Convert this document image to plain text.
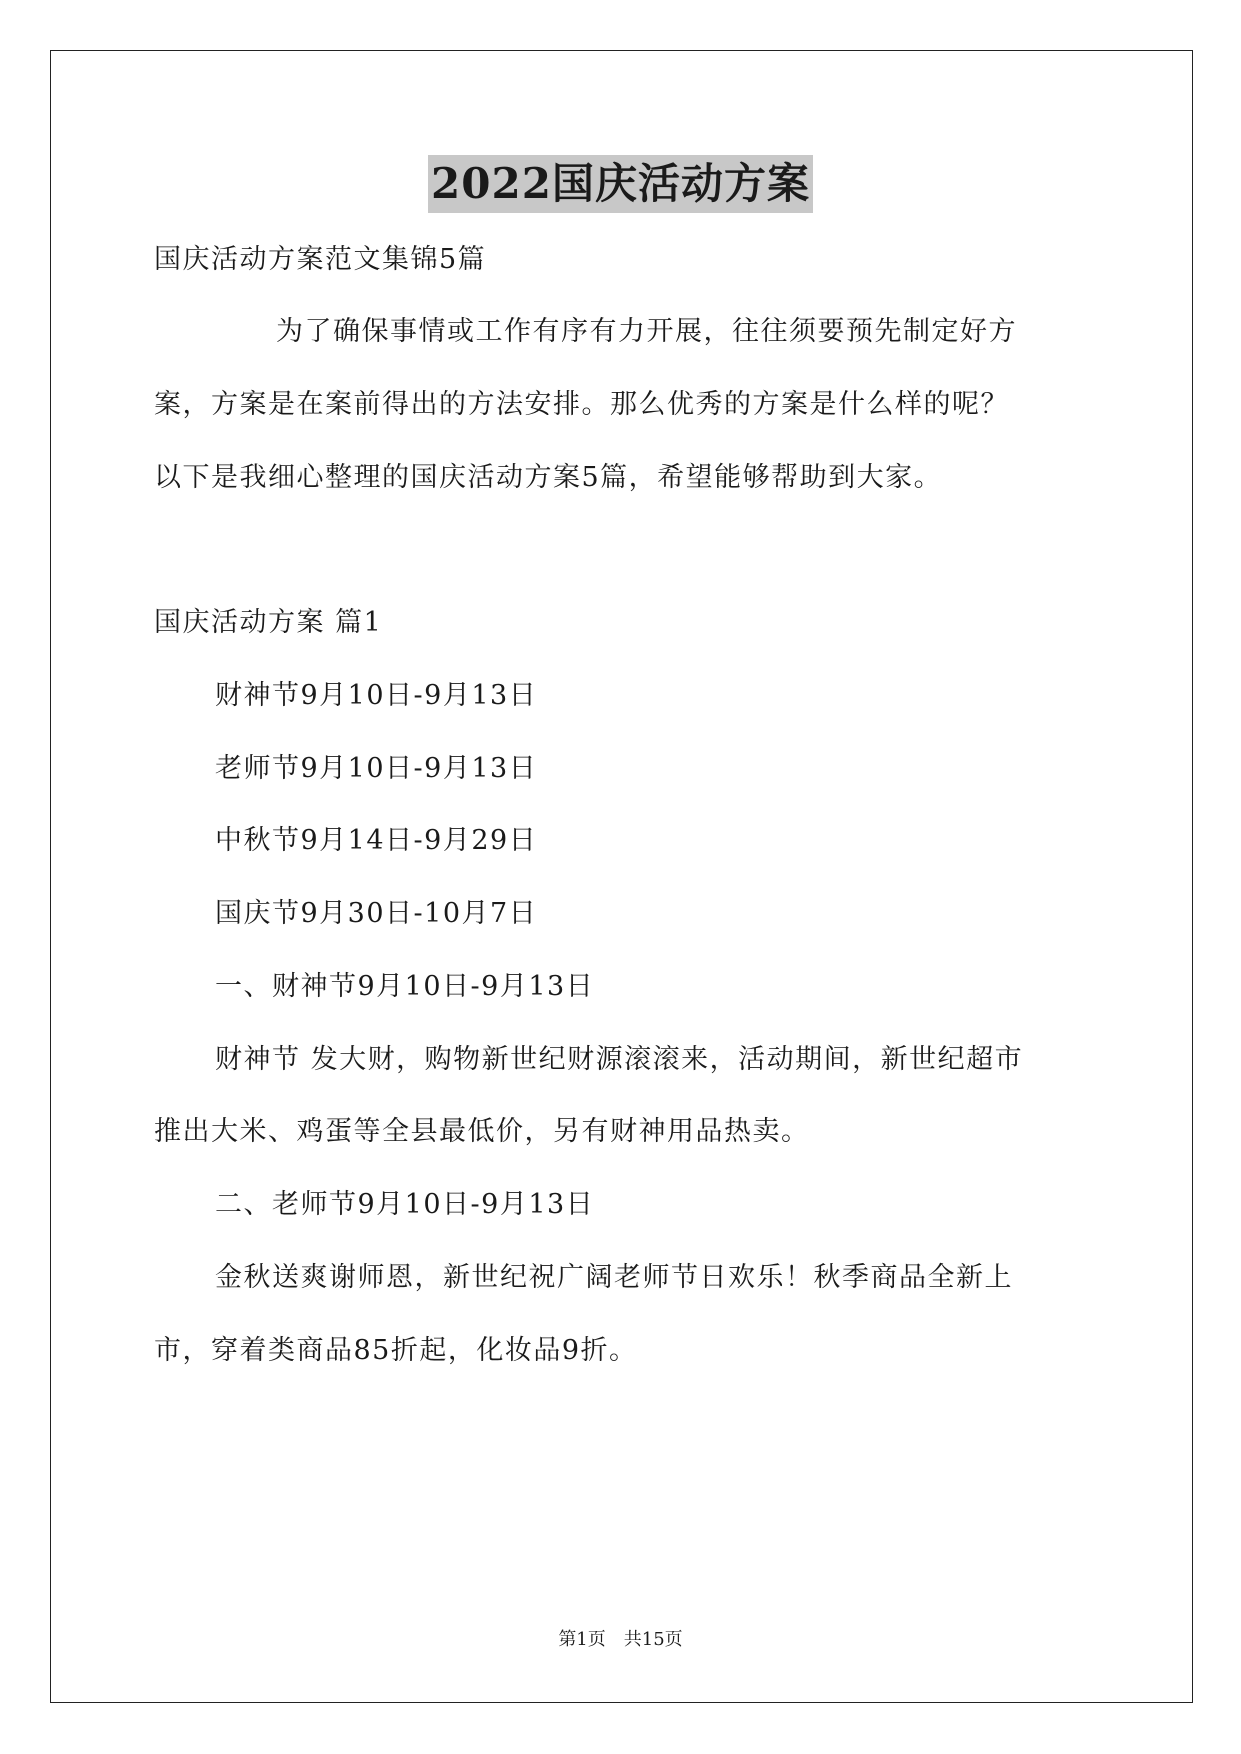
2022国庆活动方案
国庆活动方案范文集锦5篇
为了确保事情或工作有序有力开展，往往须要预先制定好方
案，方案是在案前得出的方法安排。那么优秀的方案是什么样的呢？
以下是我细心整理的国庆活动方案5篇，希望能够帮助到大家。
国庆活动方案 篇1
财神节9月10日-9月13日
老师节9月10日-9月13日
中秋节9月14日-9月29日
国庆节9月30日-10月7日
一、财神节9月10日-9月13日
财神节 发大财，购物新世纪财源滚滚来，活动期间，新世纪超市
推出大米、鸡蛋等全县最低价，另有财神用品热卖。
二、老师节9月10日-9月13日
金秋送爽谢师恩，新世纪祝广阔老师节日欢乐！秋季商品全新上
市，穿着类商品85折起，化妆品9折。
第1页 共15页
